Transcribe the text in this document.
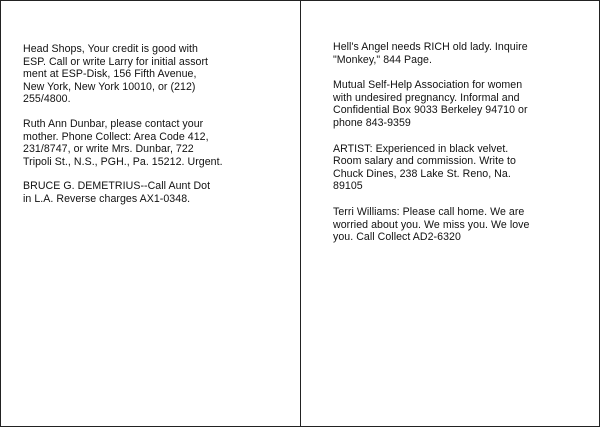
Head Shops, Your credit is good with
ESP. Call or write Larry for initial assort
ment at ESP-Disk, 156 Fifth Avenue,
New York, New York 10010, or (212)
255/4800.

Ruth Ann Dunbar, please contact your
mother. Phone Collect: Area Code 412,
231/8747, or write Mrs. Dunbar, 722
Tripoli St., N.S., PGH., Pa. 15212. Urgent.

BRUCE G. DEMETRIUS--Call Aunt Dot
in L.A. Reverse charges AX1-0348.

Hell's Angel needs RICH old lady. Inquire
"Monkey," 844 Page.

Mutual Self-Help Association for women
with undesired pregnancy. Informal and
Confidential Box 9033 Berkeley 94710 or
phone 843-9359

ARTIST: Experienced in black velvet.
Room salary and commission. Write to
Chuck Dines, 238 Lake St. Reno, Na.
89105

Terri Williams: Please call home. We are
worried about you. We miss you. We love
you. Call Collect AD2-6320
